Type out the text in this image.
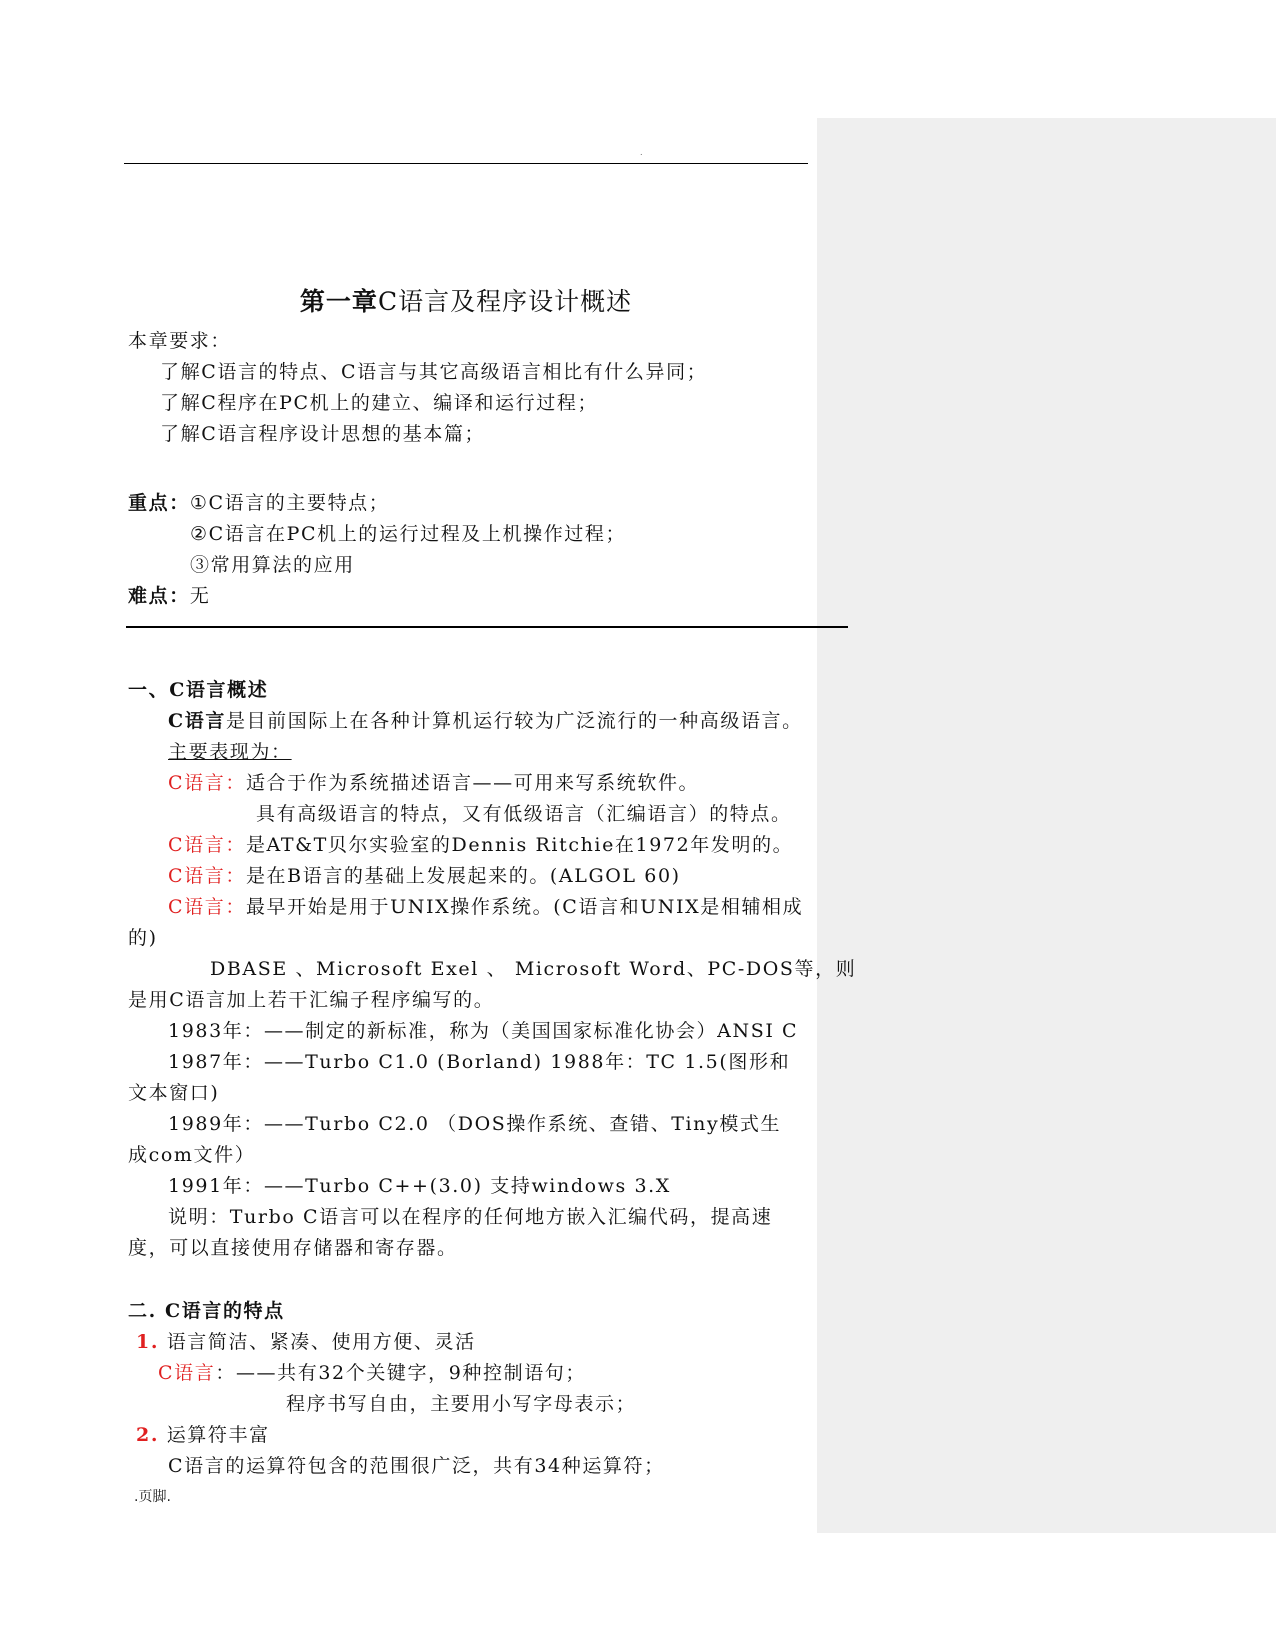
.
第一章C语言及程序设计概述
本章要求：
了解C语言的特点、C语言与其它高级语言相比有什么异同；
了解C程序在PC机上的建立、编译和运行过程；
了解C语言程序设计思想的基本篇；
重点：①C语言的主要特点；
②C语言在PC机上的运行过程及上机操作过程；
③常用算法的应用
难点：无
一、C语言概述
C语言是目前国际上在各种计算机运行较为广泛流行的一种高级语言。
主要表现为：
C语言：适合于作为系统描述语言——可用来写系统软件。
具有高级语言的特点，又有低级语言（汇编语言）的特点。
C语言：是AT&T贝尔实验室的Dennis Ritchie在1972年发明的。
C语言：是在B语言的基础上发展起来的。(ALGOL 60)
C语言：最早开始是用于UNIX操作系统。(C语言和UNIX是相辅相成
的)
DBASE 、Microsoft Exel 、 Microsoft Word、PC-DOS等，则
是用C语言加上若干汇编子程序编写的。
1983年：——制定的新标准，称为（美国国家标准化协会）ANSI C
1987年：——Turbo C1.0 (Borland) 1988年：TC 1.5(图形和
文本窗口)
1989年：——Turbo C2.0 （DOS操作系统、查错、Tiny模式生
成com文件）
1991年：——Turbo C++(3.0) 支持windows 3.X
说明：Turbo C语言可以在程序的任何地方嵌入汇编代码，提高速
度，可以直接使用存储器和寄存器。
二. C语言的特点
1. 语言简洁、紧凑、使用方便、灵活
C语言：——共有32个关键字，9种控制语句；
程序书写自由，主要用小写字母表示；
2. 运算符丰富
C语言的运算符包含的范围很广泛，共有34种运算符；
.页脚.
